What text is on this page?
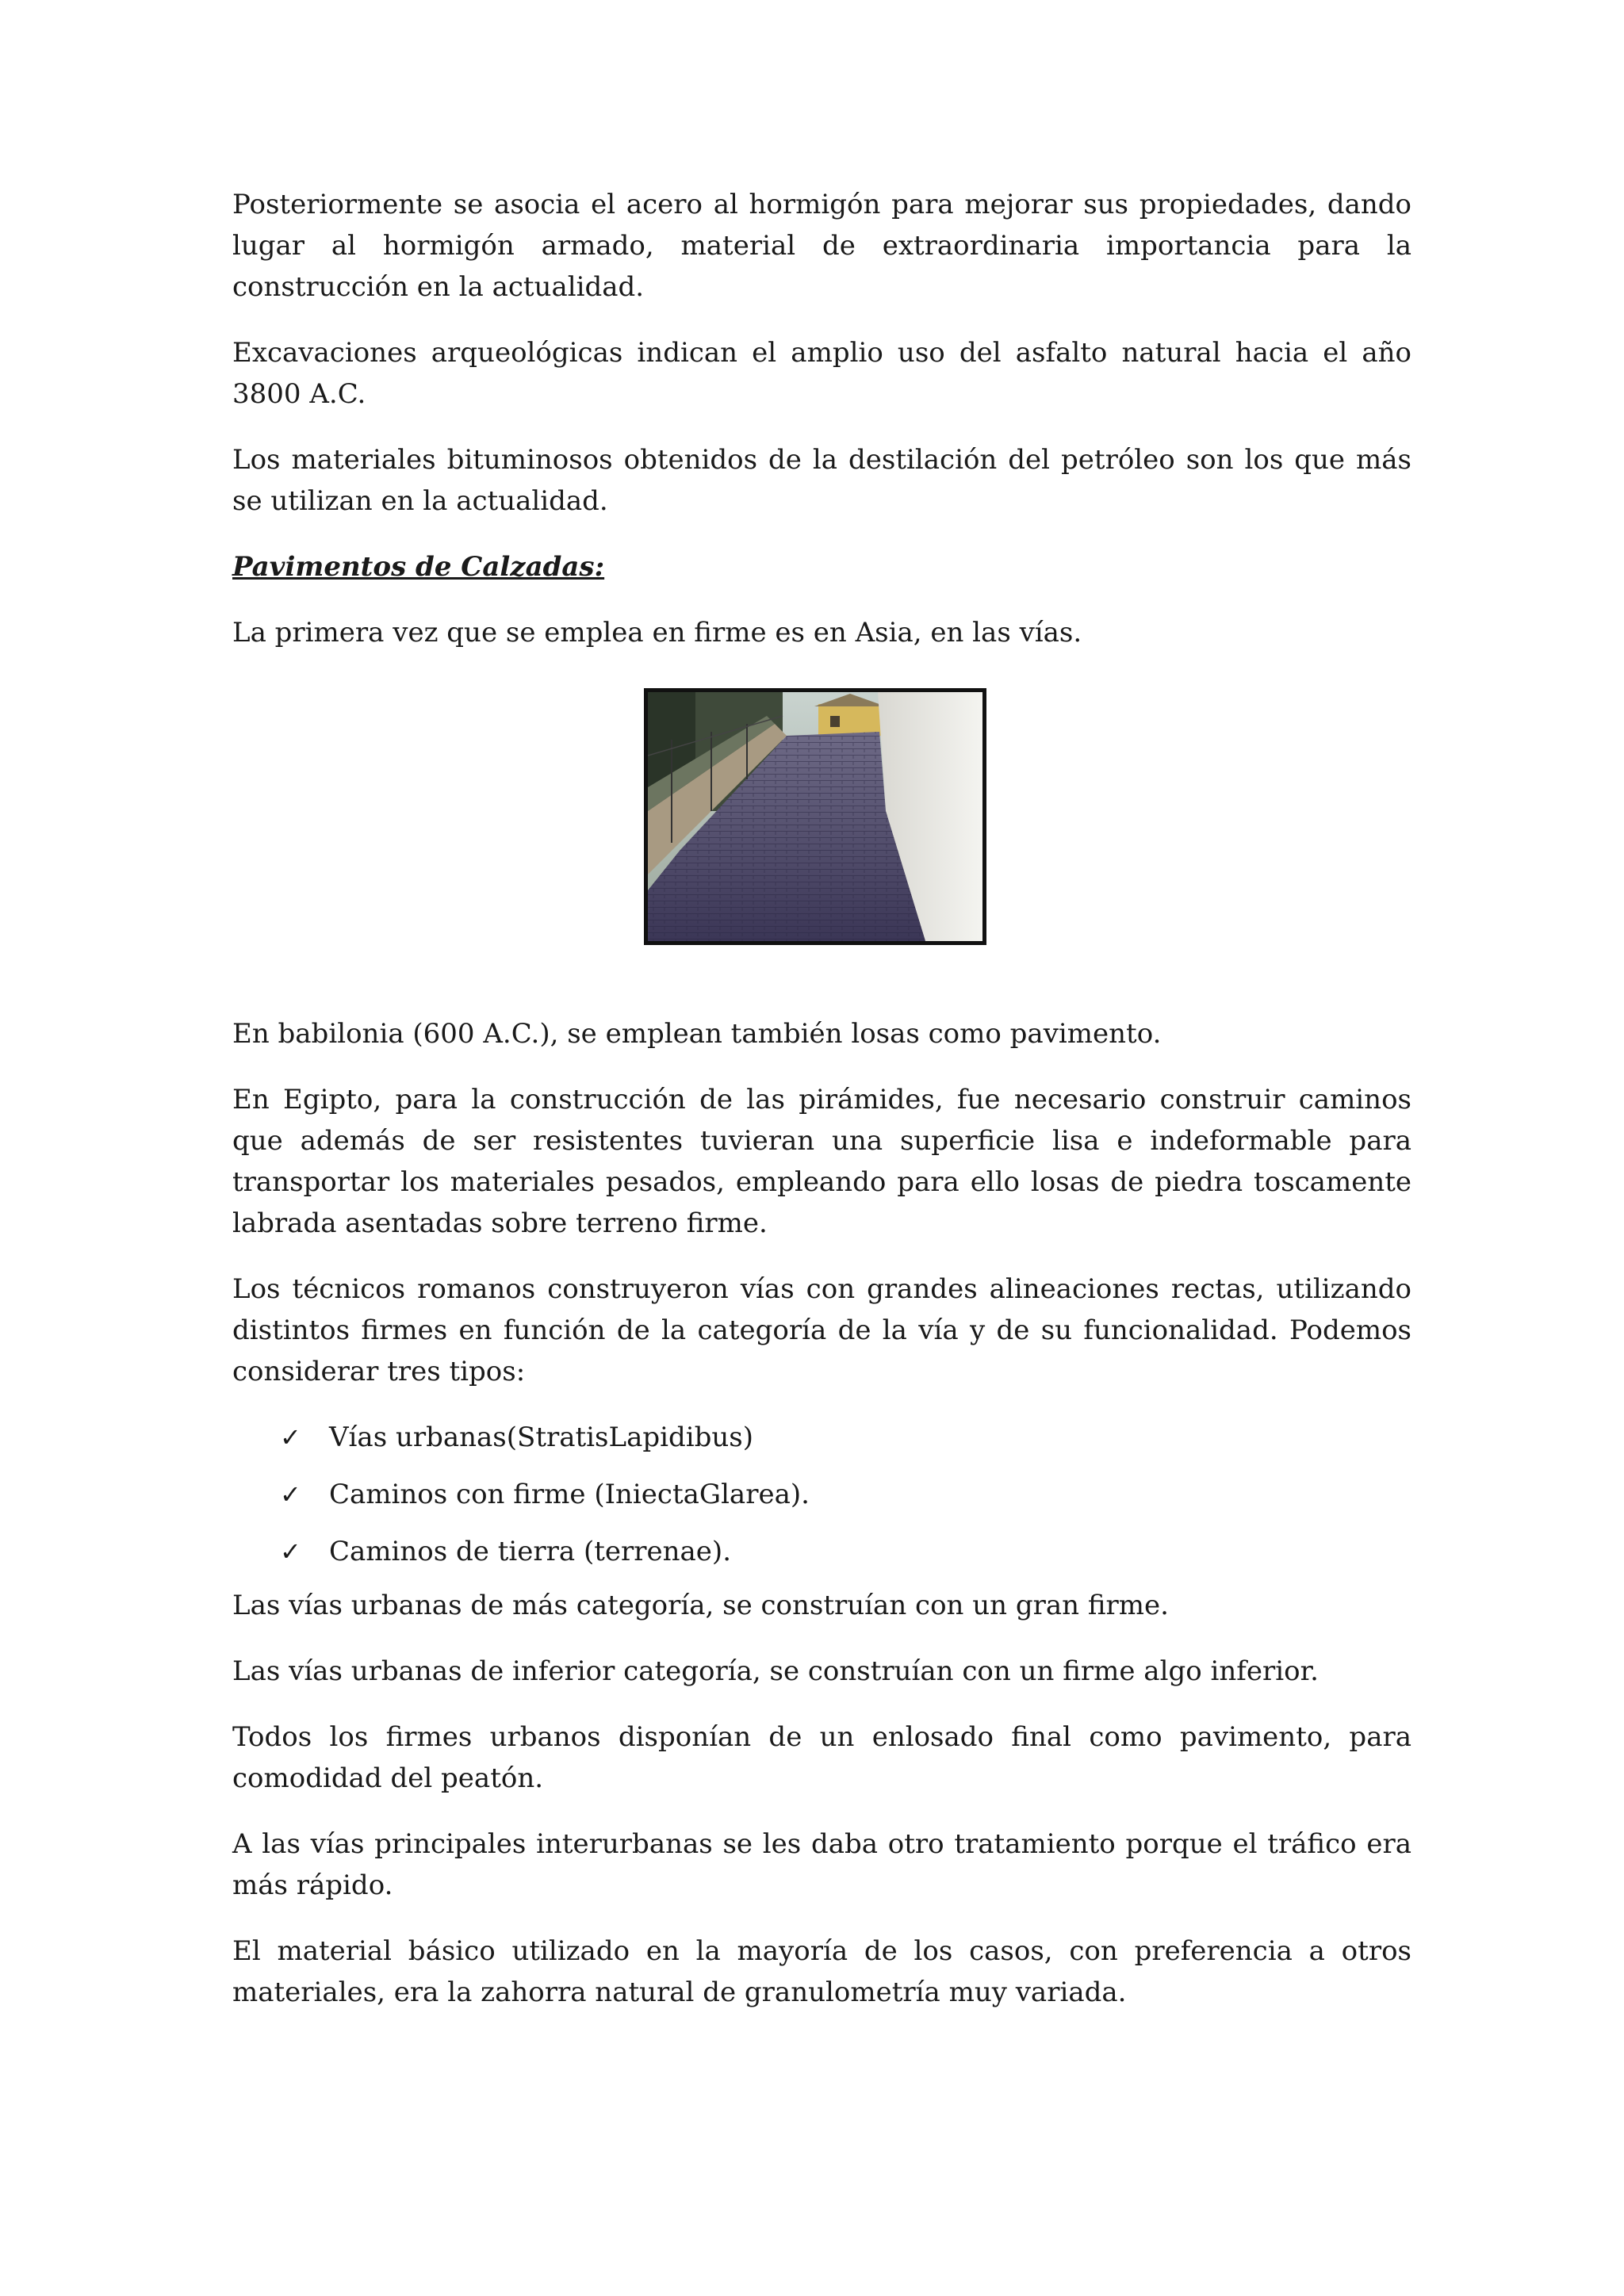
Posteriormente se asocia el acero al hormigón para mejorar sus propiedades, dando lugar al hormigón armado, material de extraordinaria importancia para la construcción en la actualidad.

Excavaciones arqueológicas indican el amplio uso del asfalto natural hacia el año 3800 A.C.

Los materiales bituminosos obtenidos de la destilación del petróleo son los que más se utilizan en la actualidad.

Pavimentos de Calzadas:

La primera vez que se emplea en firme es en Asia, en las vías.

En babilonia (600 A.C.), se emplean también losas como pavimento.

En Egipto, para la construcción de las pirámides, fue necesario construir caminos que además de ser resistentes tuvieran una superficie lisa e indeformable para transportar los materiales pesados, empleando para ello losas de piedra toscamente labrada asentadas sobre terreno firme.

Los técnicos romanos construyeron vías con grandes alineaciones rectas, utilizando distintos firmes en función de la categoría de la vía y de su funcionalidad. Podemos considerar tres tipos:

✓ Vías urbanas(StratisLapidibus)
✓ Caminos con firme (IniectaGlarea).
✓ Caminos de tierra (terrenae).

Las vías urbanas de más categoría, se construían con un gran firme.

Las vías urbanas de inferior categoría, se construían con un firme algo inferior.

Todos los firmes urbanos disponían de un enlosado final como pavimento, para comodidad del peatón.

A las vías principales interurbanas se les daba otro tratamiento porque el tráfico era más rápido.

El material básico utilizado en la mayoría de los casos, con preferencia a otros materiales, era la zahorra natural de granulometría muy variada.
